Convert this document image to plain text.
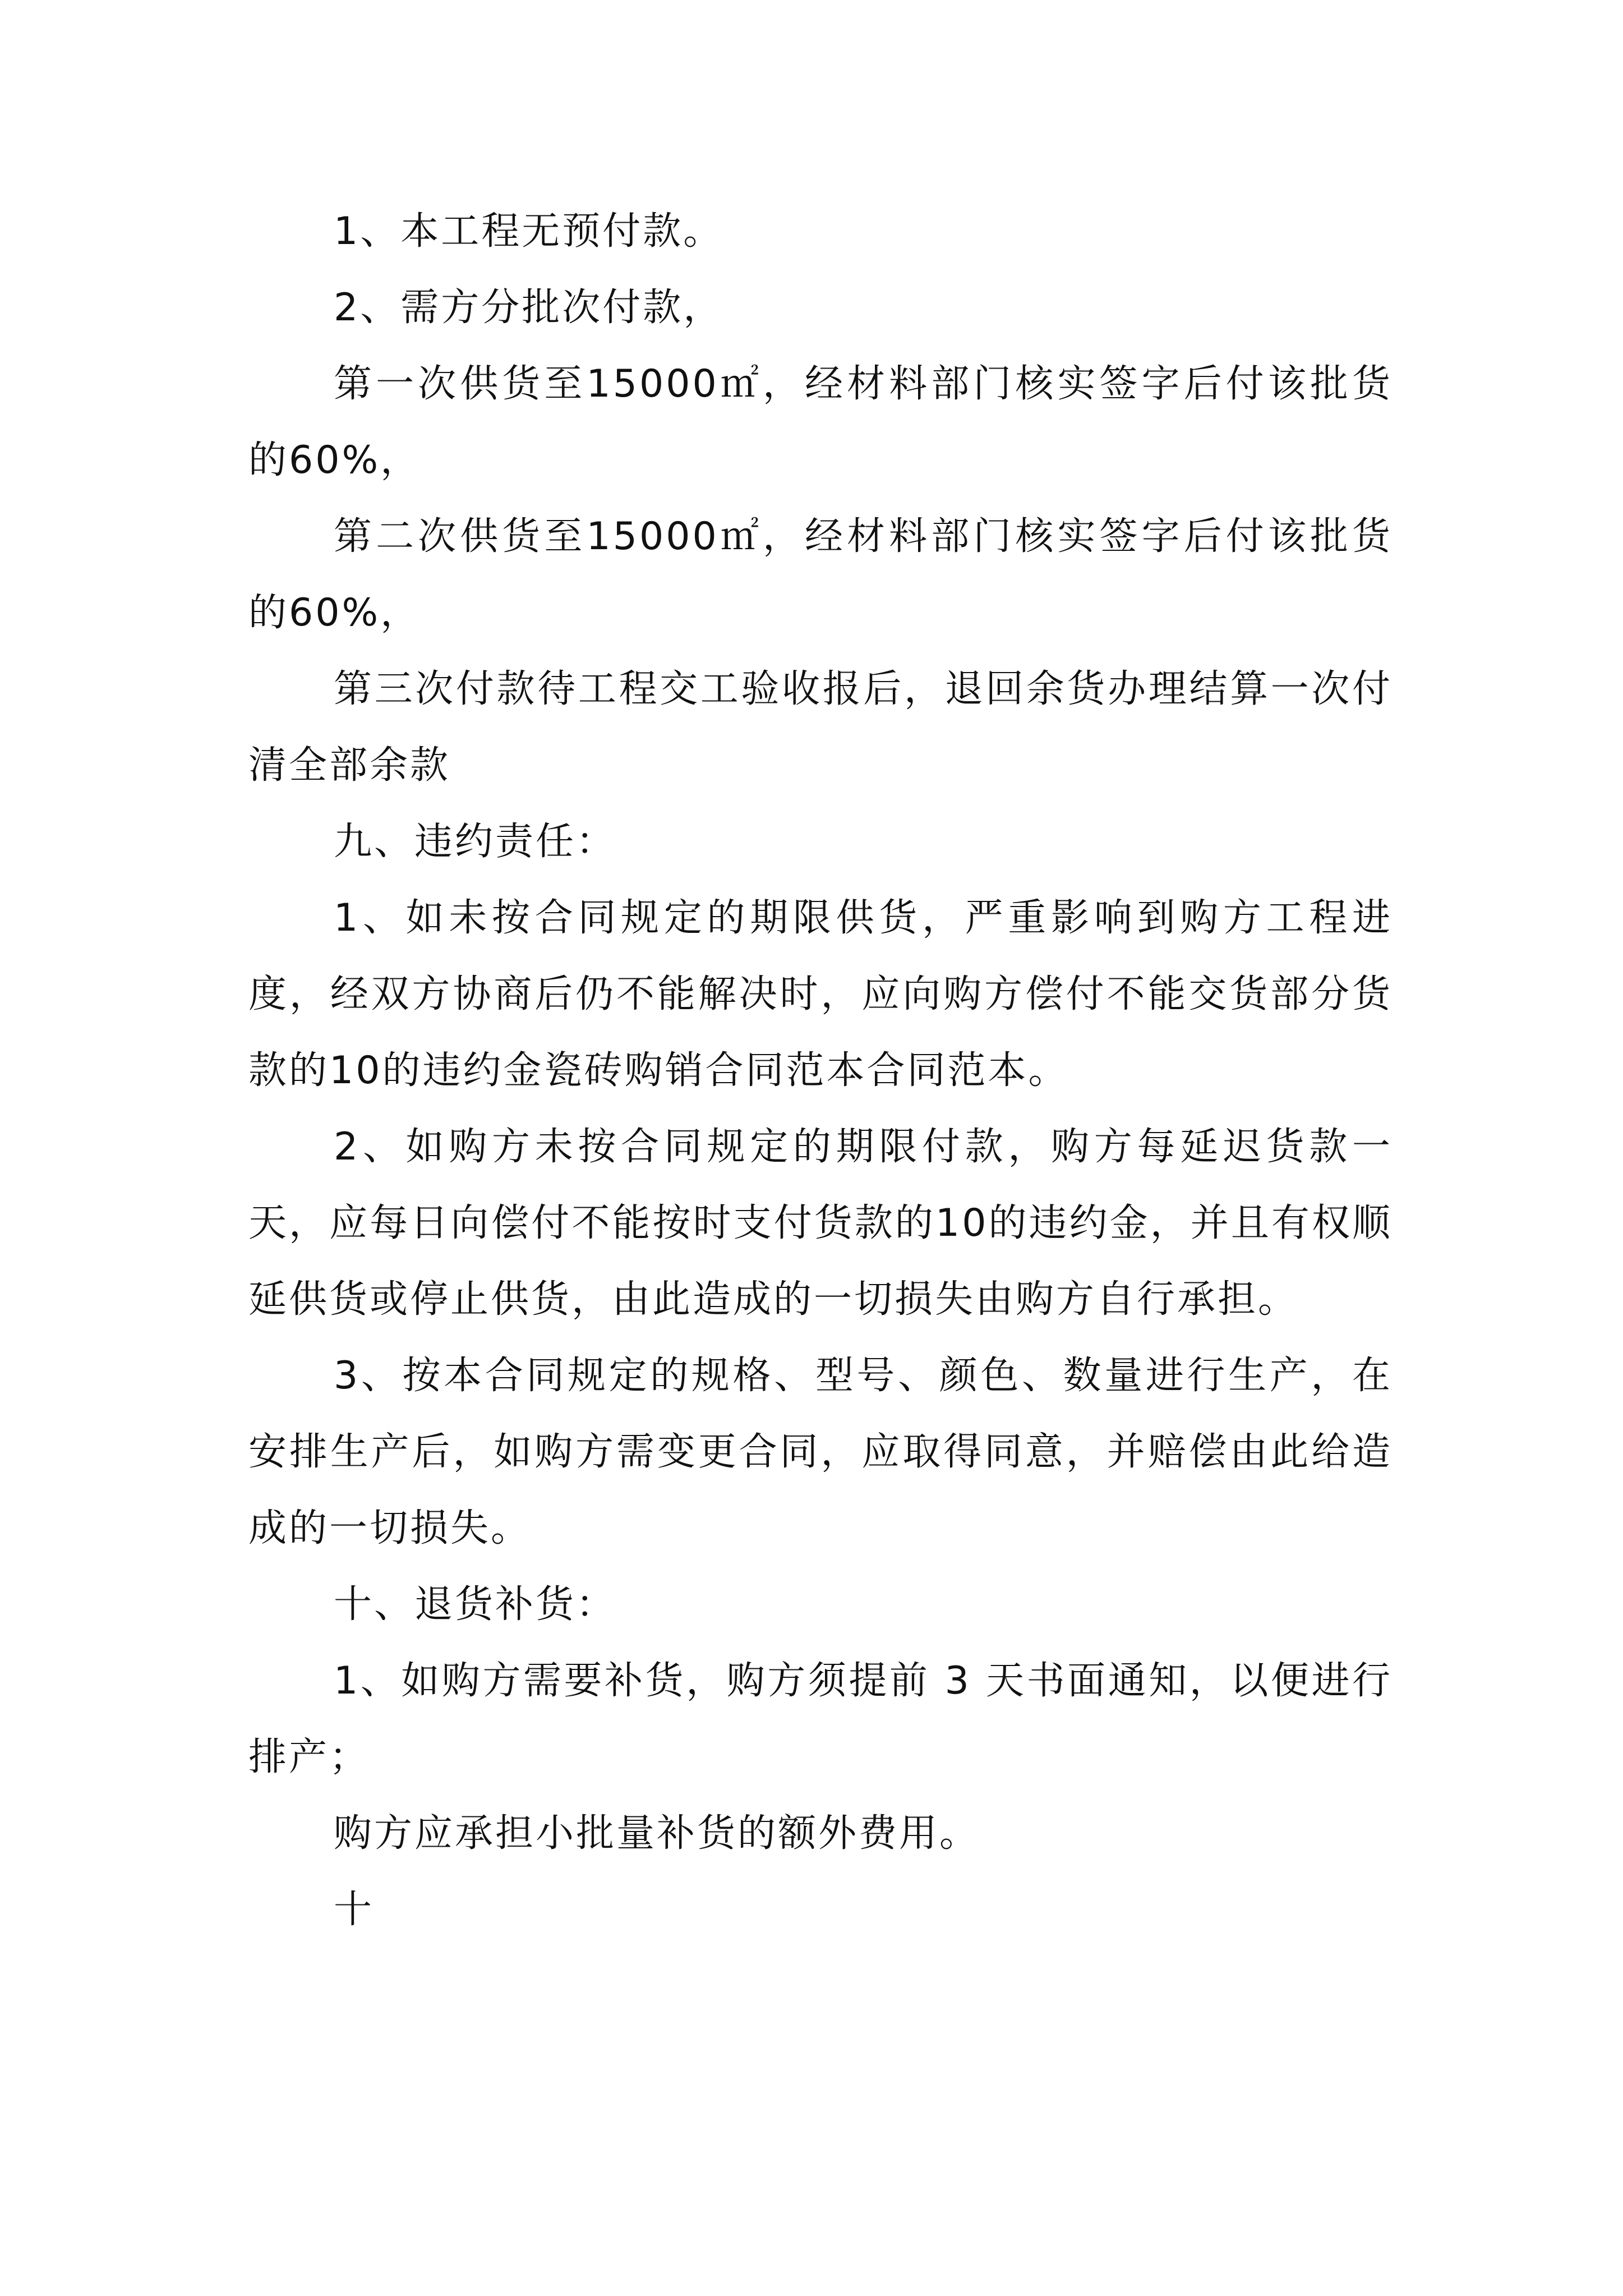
1、本工程无预付款。

2、需方分批次付款，

第一次供货至15000㎡，经材料部门核实签字后付该批货的60%，

第二次供货至15000㎡，经材料部门核实签字后付该批货的60%，

第三次付款待工程交工验收报后，退回余货办理结算一次付清全部余款

九、违约责任：

1、如未按合同规定的期限供货，严重影响到购方工程进度，经双方协商后仍不能解决时，应向购方偿付不能交货部分货款的10的违约金瓷砖购销合同范本合同范本。

2、如购方未按合同规定的期限付款，购方每延迟货款一天，应每日向偿付不能按时支付货款的10的违约金，并且有权顺延供货或停止供货，由此造成的一切损失由购方自行承担。

3、按本合同规定的规格、型号、颜色、数量进行生产，在安排生产后，如购方需变更合同，应取得同意，并赔偿由此给造成的一切损失。

十、退货补货：

1、如购方需要补货，购方须提前 3 天书面通知，以便进行排产；

购方应承担小批量补货的额外费用。

十
